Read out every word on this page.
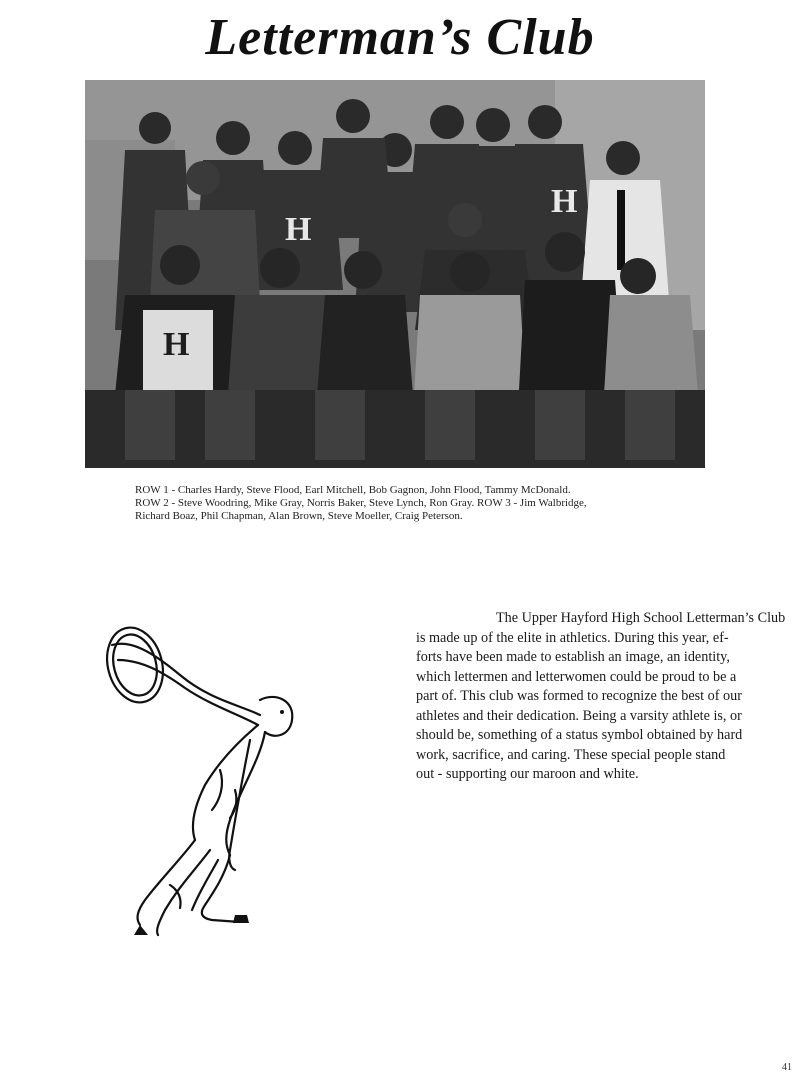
Letterman’s Club
H
H
H
ROW 1 - Charles Hardy, Steve Flood, Earl Mitchell, Bob Gagnon, John Flood, Tammy McDonald.
ROW 2 - Steve Woodring, Mike Gray, Norris Baker, Steve Lynch, Ron Gray. ROW 3 - Jim Walbridge,
Richard Boaz, Phil Chapman, Alan Brown, Steve Moeller, Craig Peterson.
The Upper Hayford High School Letterman’s Club
is made up of the elite in athletics. During this year, ef-
forts have been made to establish an image, an identity,
which lettermen and letterwomen could be proud to be a
part of. This club was formed to recognize the best of our
athletes and their dedication. Being a varsity athlete is, or
should be, something of a status symbol obtained by hard
work, sacrifice, and caring. These special people stand
out - supporting our maroon and white.
41
